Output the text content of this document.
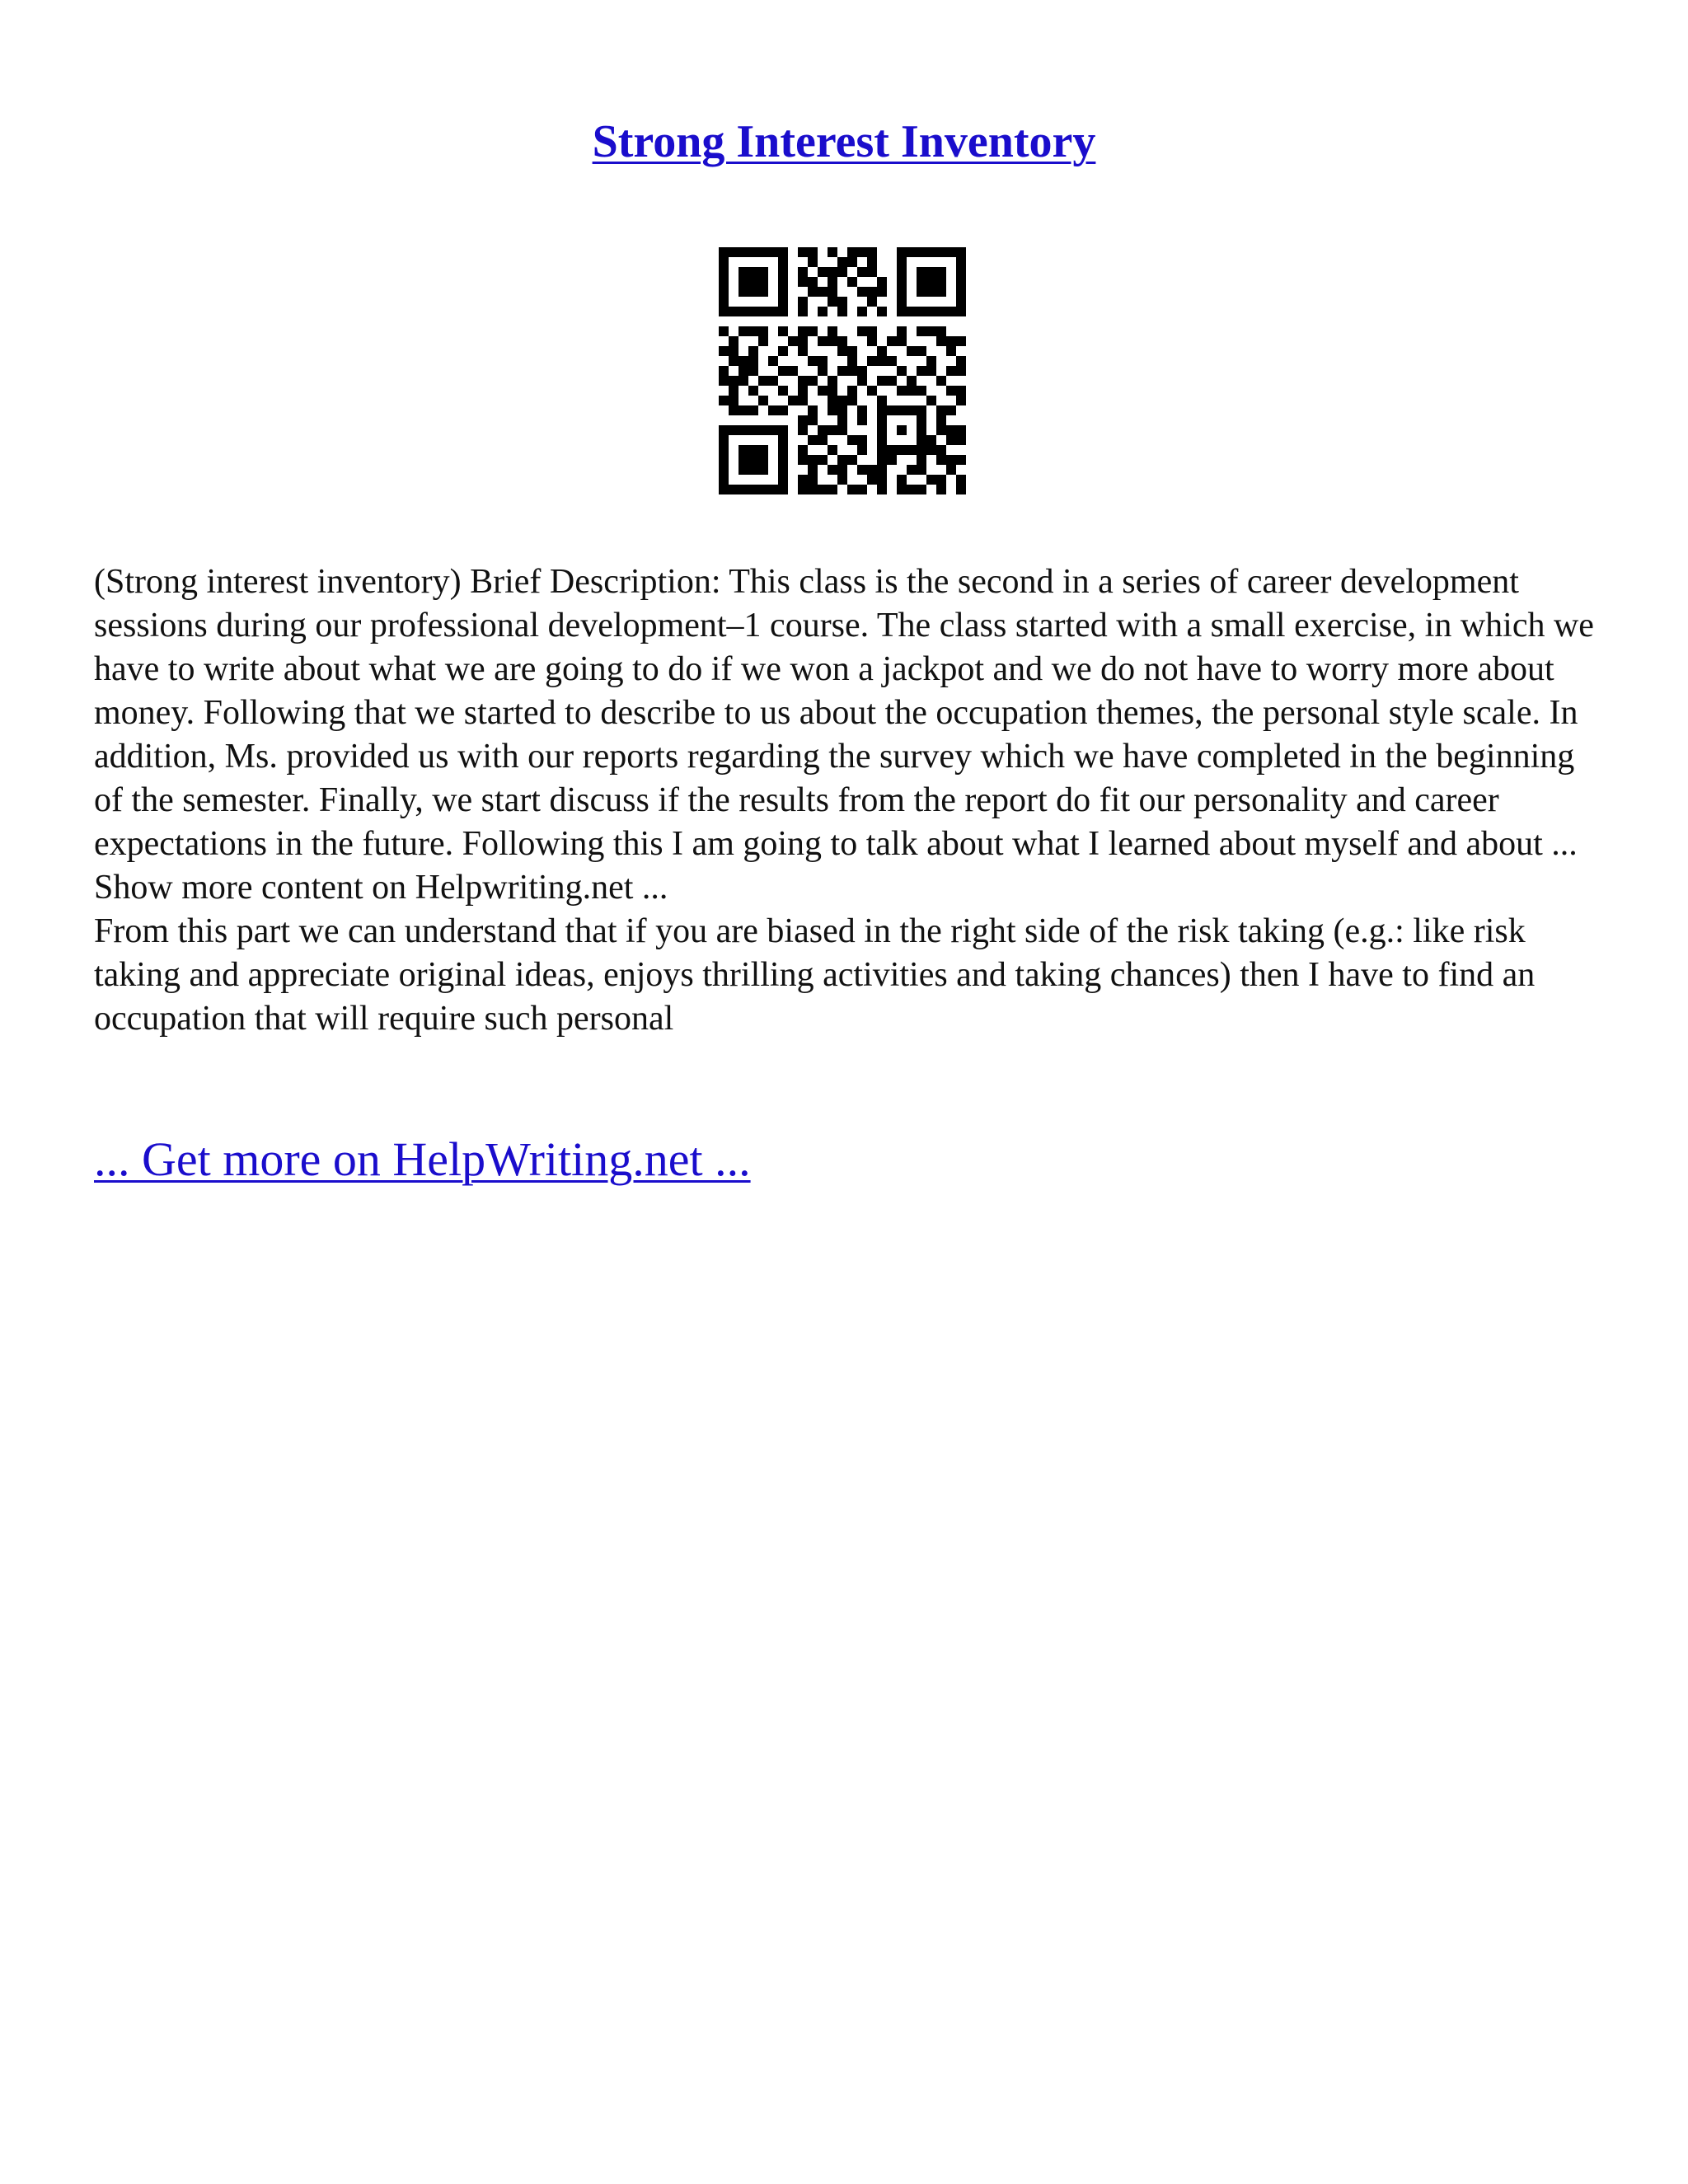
Strong Interest Inventory

(Strong interest inventory) Brief Description: This class is the second in a series of career development sessions during our professional development–1 course. The class started with a small exercise, in which we have to write about what we are going to do if we won a jackpot and we do not have to worry more about money. Following that we started to describe to us about the occupation themes, the personal style scale. In addition, Ms. provided us with our reports regarding the survey which we have completed in the beginning of the semester. Finally, we start discuss if the results from the report do fit our personality and career expectations in the future. Following this I am going to talk about what I learned about myself and about ... Show more content on Helpwriting.net ...

From this part we can understand that if you are biased in the right side of the risk taking (e.g.: like risk taking and appreciate original ideas, enjoys thrilling activities and taking chances) then I have to find an occupation that will require such personal

... Get more on HelpWriting.net ...
